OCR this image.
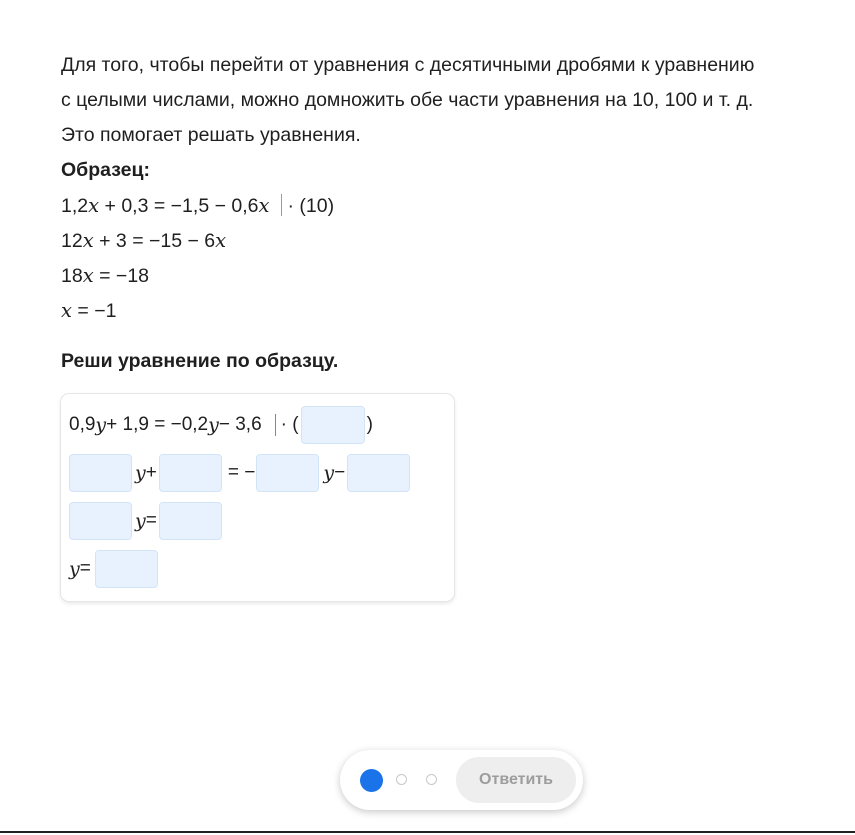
Для того, чтобы перейти от уравнения с десятичными дробями к уравнению
с целыми числами, можно домножить обе части уравнения на 10, 100 и т. д.
Это помогает решать уравнения.
Образец:
1,2x + 0,3 = −1,5 − 0,6x · (10)
12x + 3 = −15 − 6x
18x = −18
x = −1
Реши уравнение по образцу.
0,9 y + 1,9 = −0,2 y − 3,6 · (	)
y +	= −	y −
y =
y =
Ответить
